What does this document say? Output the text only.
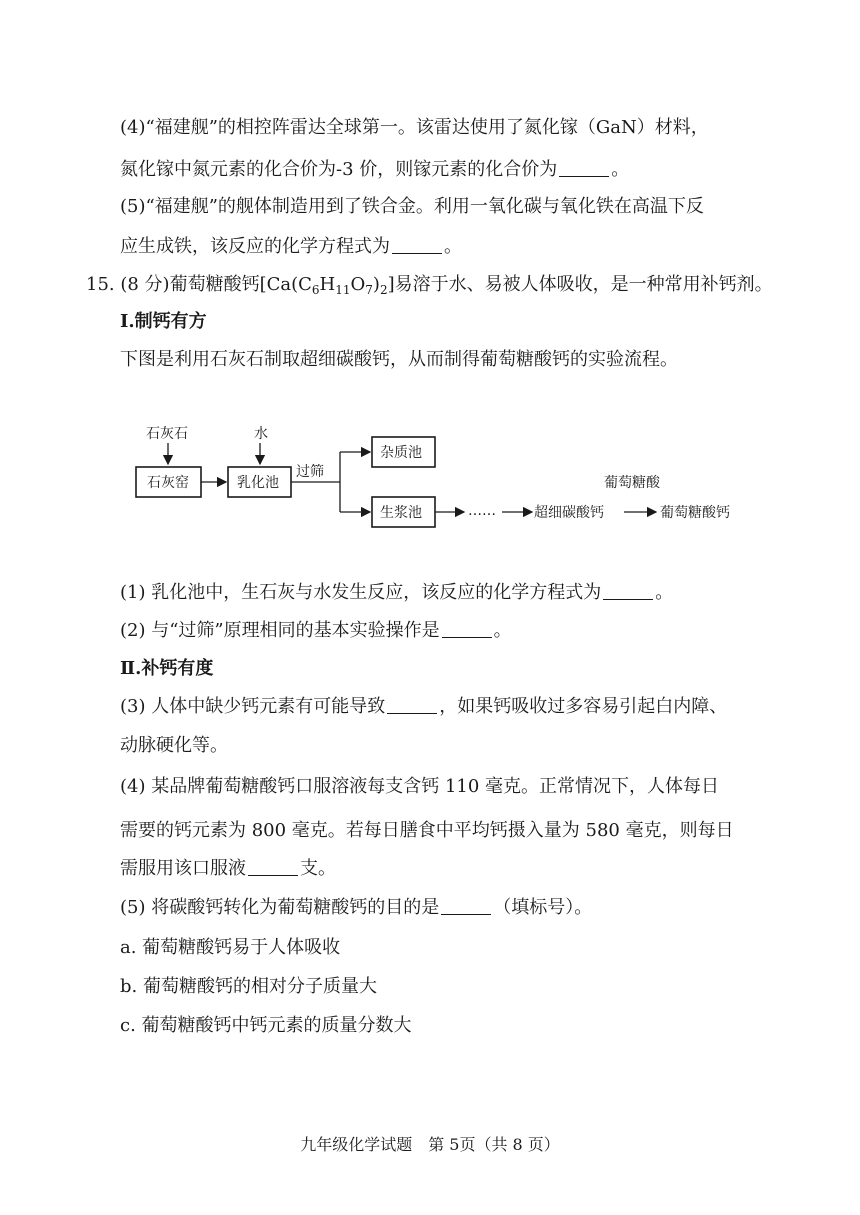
(4)“福建舰”的相控阵雷达全球第一。该雷达使用了氮化镓（GaN）材料，
氮化镓中氮元素的化合价为-3 价，则镓元素的化合价为	。
(5)“福建舰”的舰体制造用到了铁合金。利用一氧化碳与氧化铁在高温下反
应生成铁，该反应的化学方程式为	。
15. (8 分)葡萄糖酸钙$[Ca(C_6H_{11}O_7)_2]$易溶于水、易被人体吸收，是一种常用补钙剂。
Ⅰ.制钙有方
下图是利用石灰石制取超细碳酸钙，从而制得葡萄糖酸钙的实验流程。
石灰石	水
石灰窑	乳化池
过筛
杂质池
生浆池	……	超细碳酸钙
葡萄糖酸
葡萄糖酸钙
(1) 乳化池中，生石灰与水发生反应，该反应的化学方程式为	。
(2) 与“过筛”原理相同的基本实验操作是	。
Ⅱ.补钙有度
(3) 人体中缺少钙元素有可能导致	，如果钙吸收过多容易引起白内障、
动脉硬化等。
(4) 某品牌葡萄糖酸钙口服溶液每支含钙 110 毫克。正常情况下，人体每日
需要的钙元素为 800 毫克。若每日膳食中平均钙摄入量为 580 毫克，则每日
需服用该口服液	支。
(5) 将碳酸钙转化为葡萄糖酸钙的目的是	（填标号）。
a. 葡萄糖酸钙易于人体吸收
b. 葡萄糖酸钙的相对分子质量大
c. 葡萄糖酸钙中钙元素的质量分数大
九年级化学试题　第 5页（共 8 页）
